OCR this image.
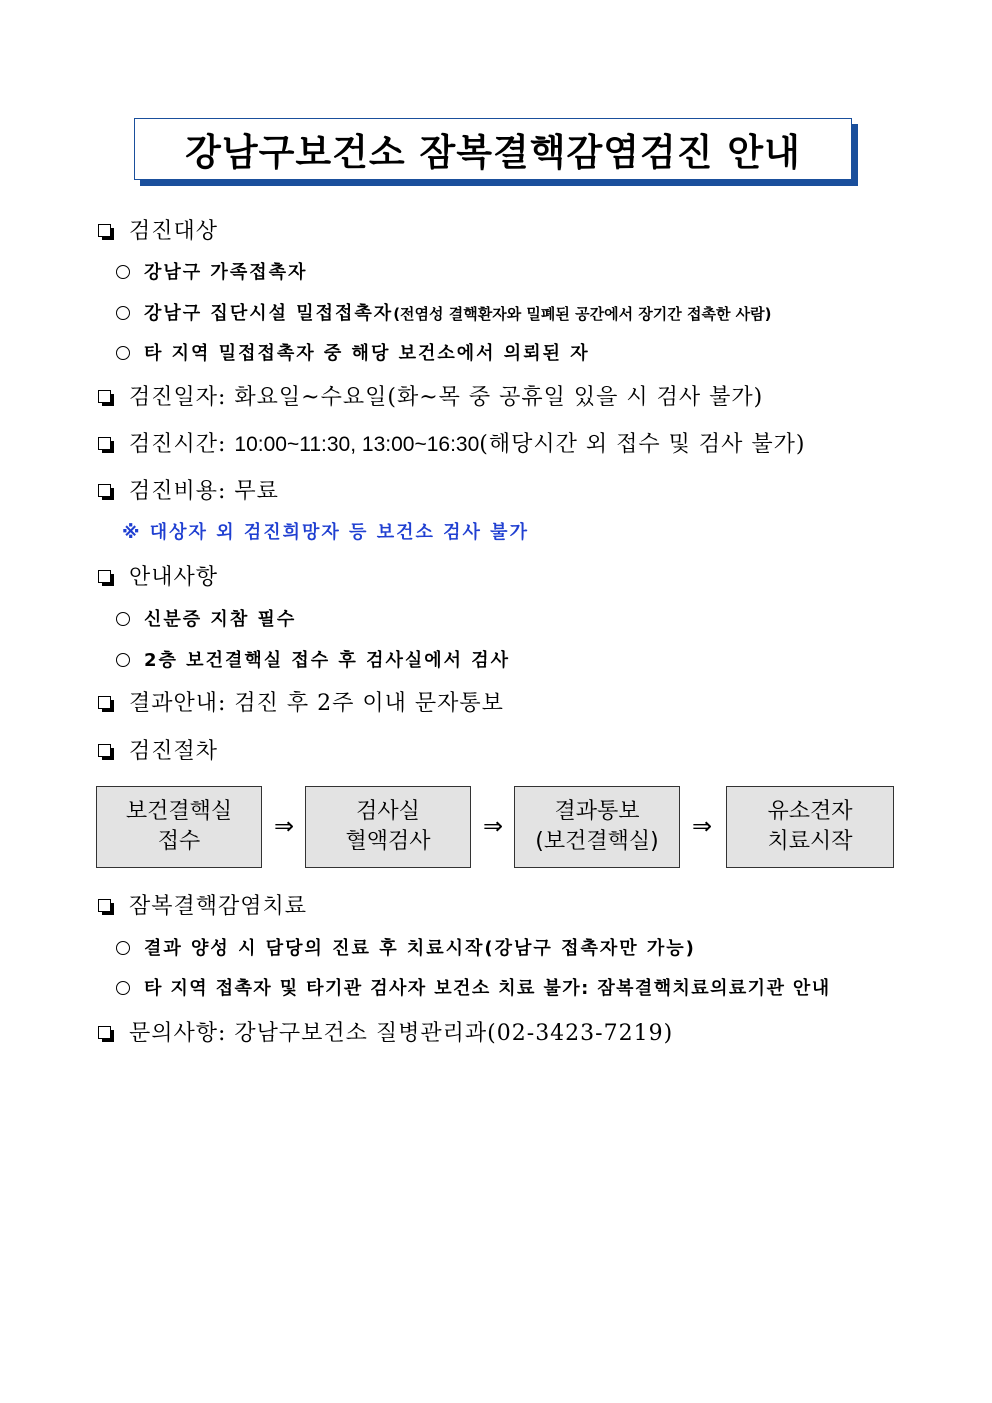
강남구보건소 잠복결핵감염검진 안내
검진대상
강남구 가족접촉자
강남구 집단시설 밀접접촉자(전염성 결핵환자와 밀폐된 공간에서 장기간 접촉한 사람)
타 지역 밀접접촉자 중 해당 보건소에서 의뢰된 자
검진일자: 화요일~수요일(화~목 중 공휴일 있을 시 검사 불가)
검진시간: 10:00~11:30, 13:00~16:30(해당시간 외 접수 및 검사 불가)
검진비용: 무료
※ 대상자 외 검진희망자 등 보건소 검사 불가
안내사항
신분증 지참 필수
2층 보건결핵실 접수 후 검사실에서 검사
결과안내: 검진 후 2주 이내 문자통보
검진절차
보건결핵실
접수
⇒
검사실
혈액검사
⇒
결과통보
(보건결핵실)
⇒
유소견자
치료시작
잠복결핵감염치료
결과 양성 시 담당의 진료 후 치료시작(강남구 접촉자만 가능)
타 지역 접촉자 및 타기관 검사자 보건소 치료 불가: 잠복결핵치료의료기관 안내
문의사항: 강남구보건소 질병관리과(02-3423-7219)
